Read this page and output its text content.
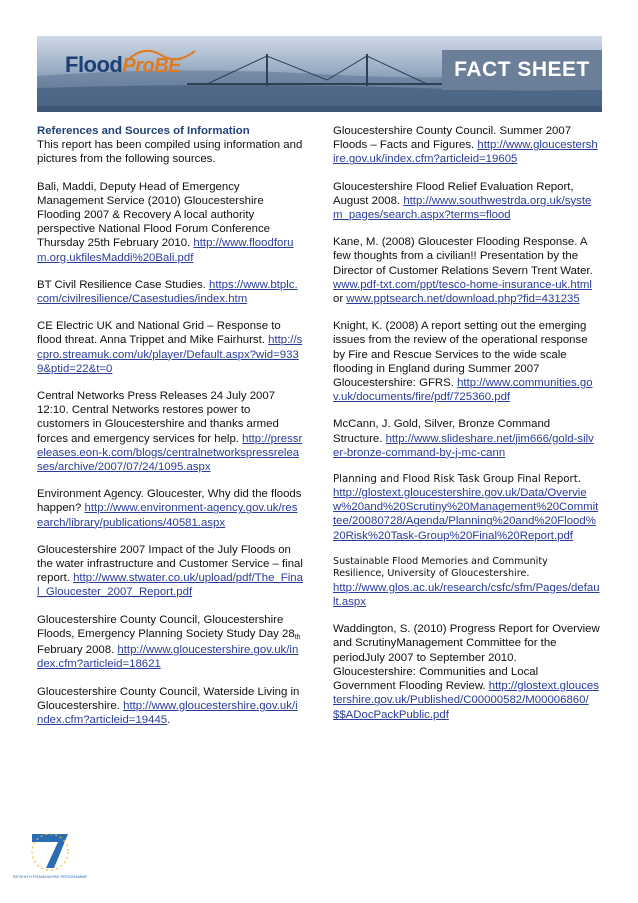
FloodProBE	FACT SHEET
References and Sources of Information
This report has been compiled using information and pictures from the following sources.
Bali, Maddi, Deputy Head of Emergency Management Service (2010) Gloucestershire Flooding 2007 & Recovery A local authority perspective National Flood Forum Conference Thursday 25th February 2010. http://www.floodforum.org.ukfilesMaddi%20Bali.pdf
BT Civil Resilience Case Studies. https://www.btplc.com/civilresilience/Casestudies/index.htm
CE Electric UK and National Grid – Response to flood threat. Anna Trippet and Mike Fairhurst. http://scpro.streamuk.com/uk/player/Default.aspx?wid=9339&ptid=22&t=0
Central Networks Press Releases 24 July 2007 12:10. Central Networks restores power to customers in Gloucestershire and thanks armed forces and emergency services for help. http://pressreleases.eon-k.com/blogs/centralnetworkspressreleases/archive/2007/07/24/1095.aspx
Environment Agency. Gloucester, Why did the floods happen? http://www.environment-agency.gov.uk/research/library/publications/40581.aspx
Gloucestershire 2007 Impact of the July Floods on the water infrastructure and Customer Service – final report. http://www.stwater.co.uk/upload/pdf/The_Final_Gloucester_2007_Report.pdf
Gloucestershire County Council, Gloucestershire Floods, Emergency Planning Society Study Day 28th February 2008. http://www.gloucestershire.gov.uk/index.cfm?articleid=18621
Gloucestershire County Council, Waterside Living in Gloucestershire. http://www.gloucestershire.gov.uk/index.cfm?articleid=19445.
Gloucestershire County Council. Summer 2007 Floods – Facts and Figures. http://www.gloucestershire.gov.uk/index.cfm?articleid=19605
Gloucestershire Flood Relief Evaluation Report, August 2008. http://www.southwestrda.org.uk/system_pages/search.aspx?terms=flood
Kane, M. (2008) Gloucester Flooding Response. A few thoughts from a civilian!! Presentation by the Director of Customer Relations Severn Trent Water. www.pdf-txt.com/ppt/tesco-home-insurance-uk.html or www.pptsearch.net/download.php?fid=431235
Knight, K. (2008) A report setting out the emerging issues from the review of the operational response by Fire and Rescue Services to the wide scale flooding in England during Summer 2007 Gloucestershire: GFRS. http://www.communities.gov.uk/documents/fire/pdf/725360.pdf
McCann, J. Gold, Silver, Bronze Command Structure. http://www.slideshare.net/jim666/gold-silver-bronze-command-by-j-mc-cann
Planning and Flood Risk Task Group Final Report.
http://glostext.gloucestershire.gov.uk/Data/Overview%20and%20Scrutiny%20Management%20Committee/20080728/Agenda/Planning%20and%20Flood%20Risk%20Task-Group%20Final%20Report.pdf
Sustainable Flood Memories and Community Resilience, University of Gloucestershire.
http://www.glos.ac.uk/research/csfc/sfm/Pages/default.aspx
Waddington, S. (2010) Progress Report for Overview and ScrutinyManagement Committee for the periodJuly 2007 to September 2010. Gloucestershire: Communities and Local Government Flooding Review. http://glostext.gloucestershire.gov.uk/Published/C00000582/M00006860/$$ADocPackPublic.pdf
SEVENTH FRAMEWORK PROGRAMME
